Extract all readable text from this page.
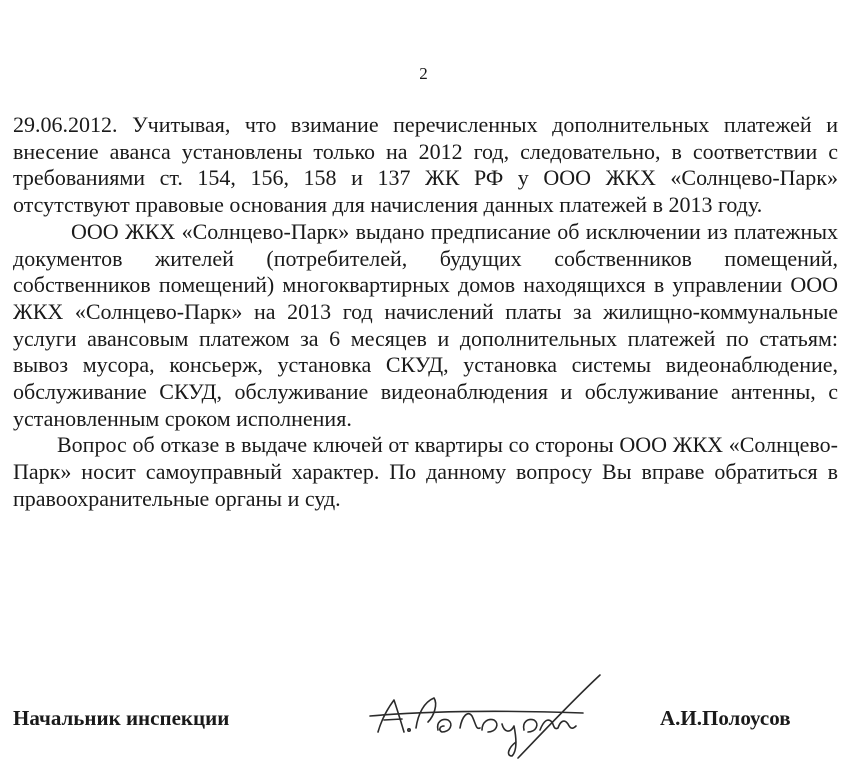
2

29.06.2012. Учитывая, что взимание перечисленных дополнительных платежей и внесение аванса установлены только на 2012 год, следовательно, в соответствии с требованиями ст. 154, 156, 158 и 137 ЖК РФ у ООО ЖКХ «Солнцево-Парк» отсутствуют правовые основания для начисления данных платежей в 2013 году.

ООО ЖКХ «Солнцево-Парк» выдано предписание об исключении из платежных документов жителей (потребителей, будущих собственников помещений, собственников помещений) многоквартирных домов находящихся в управлении ООО ЖКХ «Солнцево-Парк» на 2013 год начислений платы за жилищно-коммунальные услуги авансовым платежом за 6 месяцев и дополнительных платежей по статьям: вывоз мусора, консьерж, установка СКУД, установка системы видеонаблюдение, обслуживание СКУД, обслуживание видеонаблюдения и обслуживание антенны, с установленным сроком исполнения.

Вопрос об отказе в выдаче ключей от квартиры со стороны ООО ЖКХ «Солнцево-Парк» носит самоуправный характер. По данному вопросу Вы вправе обратиться в правоохранительные органы и суд.

Начальник инспекции	А.И.Полоусов
